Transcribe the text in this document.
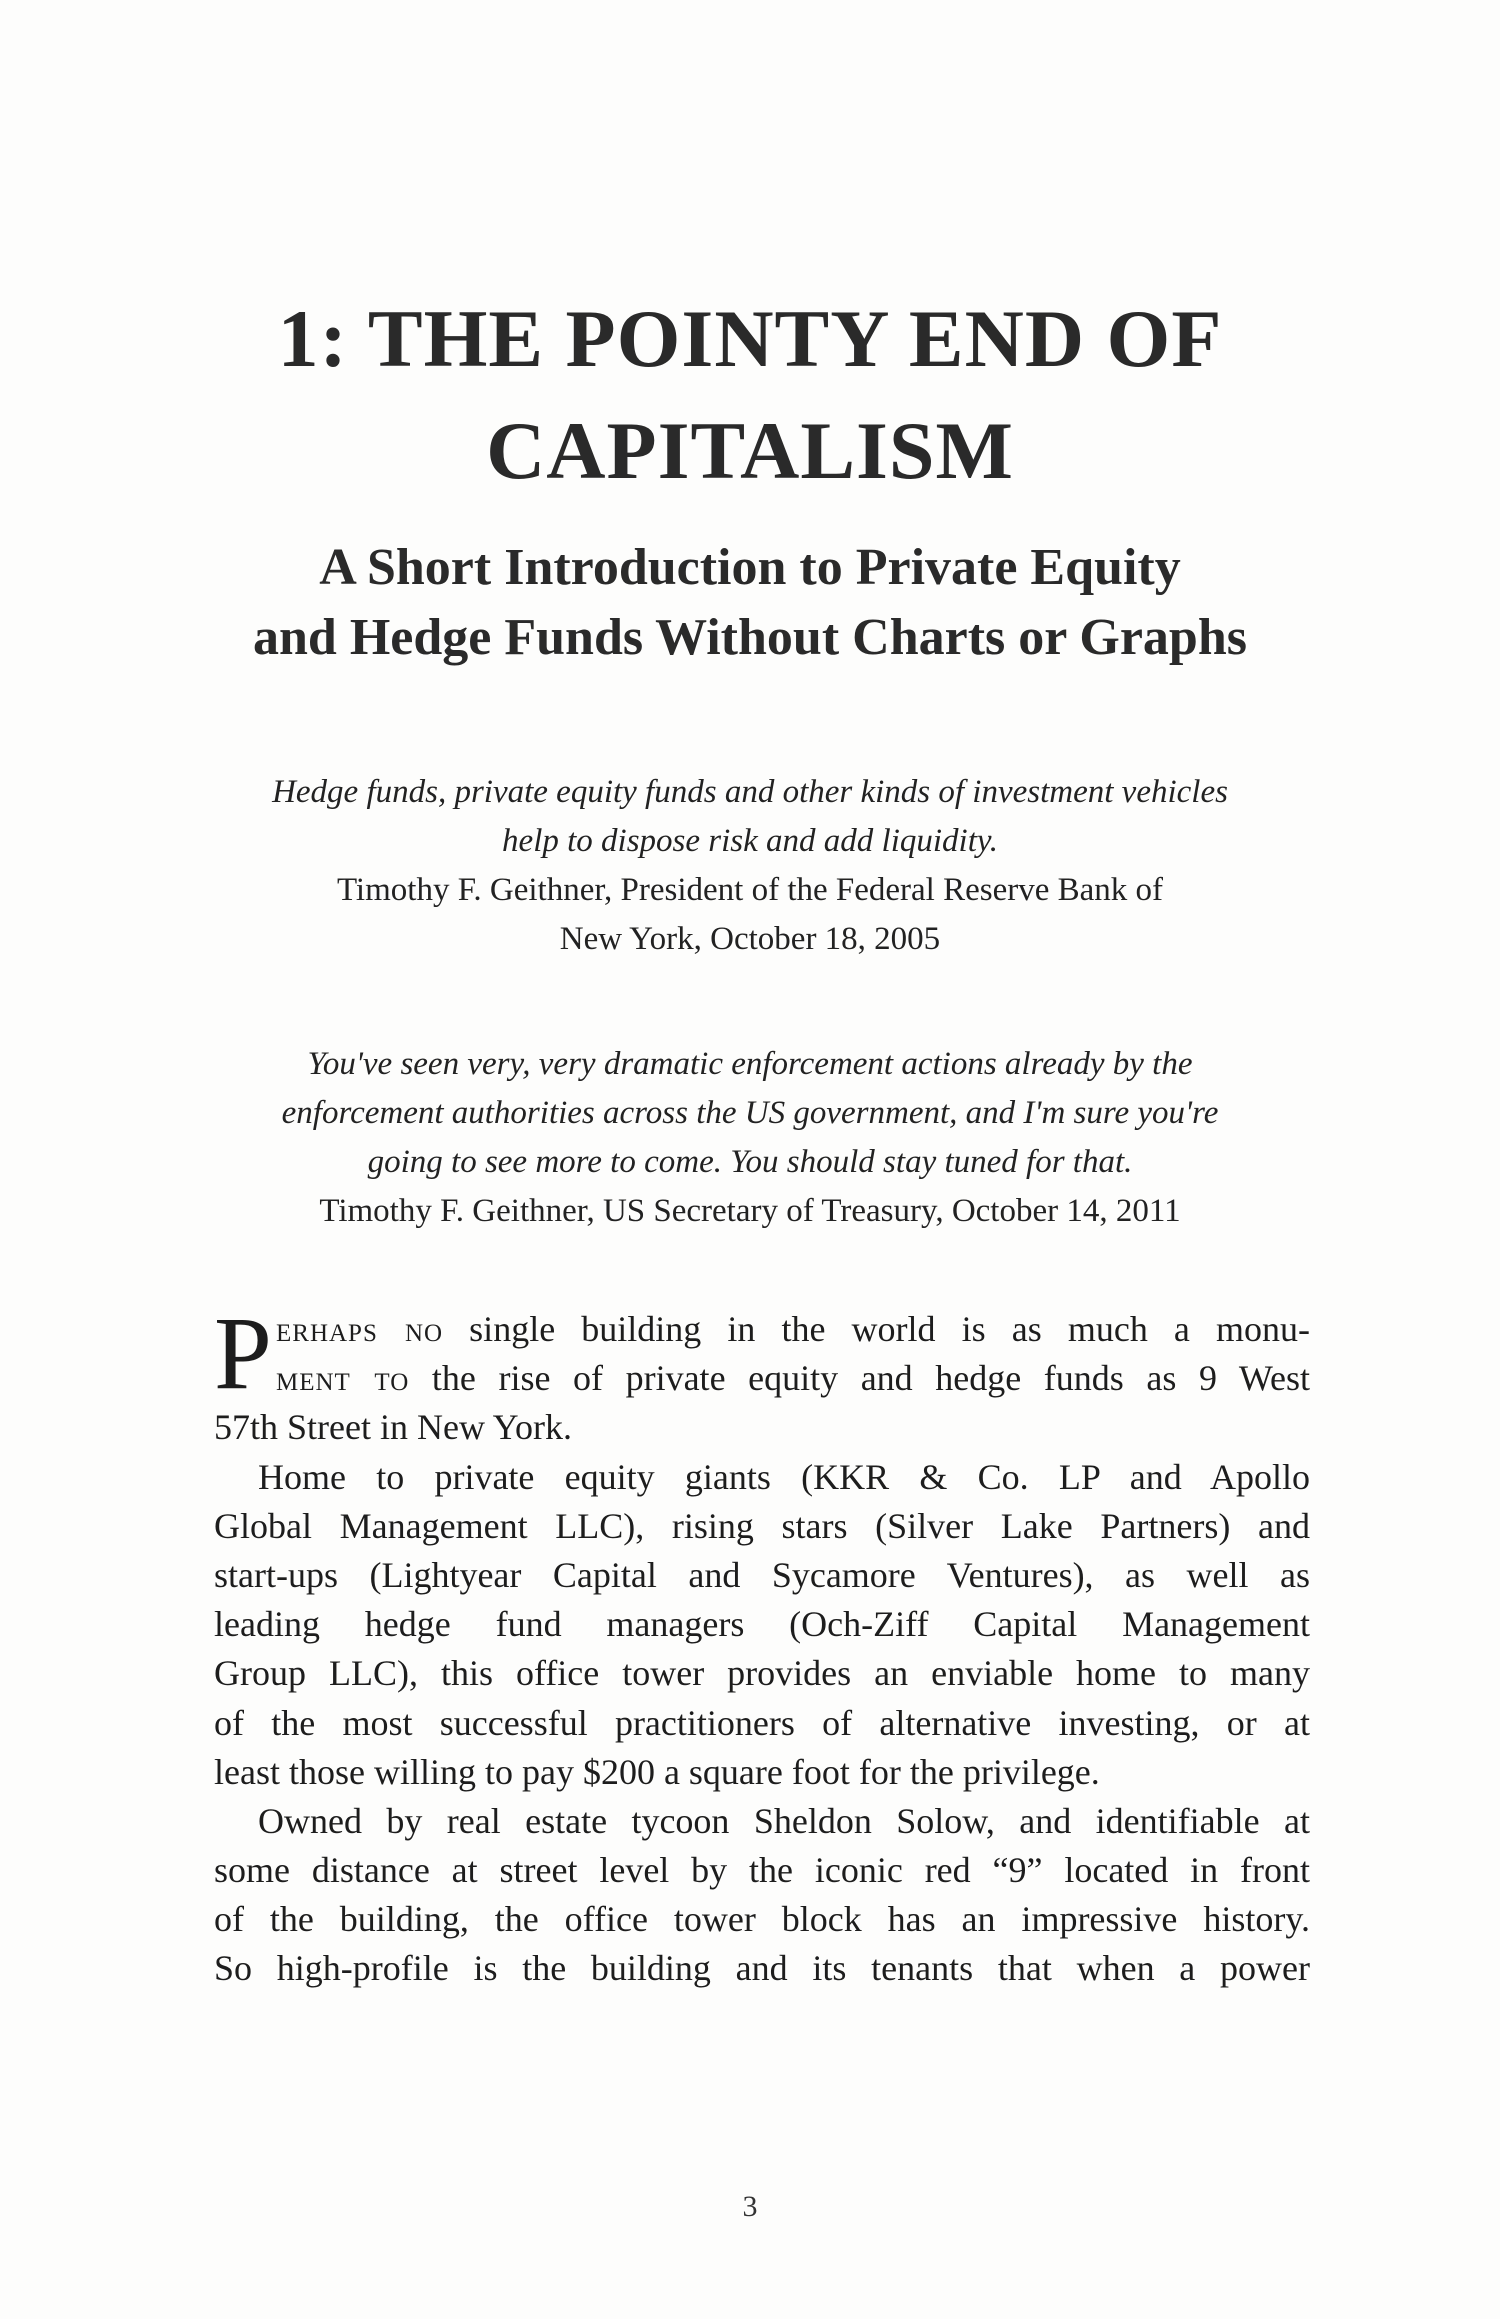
1: THE POINTY END OF
CAPITALISM
A Short Introduction to Private Equity
and Hedge Funds Without Charts or Graphs
Hedge funds, private equity funds and other kinds of investment vehicles
help to dispose risk and add liquidity.
Timothy F. Geithner, President of the Federal Reserve Bank of
New York, October 18, 2005
You've seen very, very dramatic enforcement actions already by the
enforcement authorities across the US government, and I'm sure you're
going to see more to come. You should stay tuned for that.
Timothy F. Geithner, US Secretary of Treasury, October 14, 2011
P erhaps no single building in the world is as much a monu-
ment to the rise of private equity and hedge funds as 9 West
57th Street in New York.
Home to private equity giants (KKR & Co. LP and Apollo
Global Management LLC), rising stars (Silver Lake Partners) and
start-ups (Lightyear Capital and Sycamore Ventures), as well as
leading hedge fund managers (Och-Ziff Capital Management
Group LLC), this office tower provides an enviable home to many
of the most successful practitioners of alternative investing, or at
least those willing to pay $200 a square foot for the privilege.
Owned by real estate tycoon Sheldon Solow, and identifiable at
some distance at street level by the iconic red “9” located in front
of the building, the office tower block has an impressive history.
So high-profile is the building and its tenants that when a power
3
